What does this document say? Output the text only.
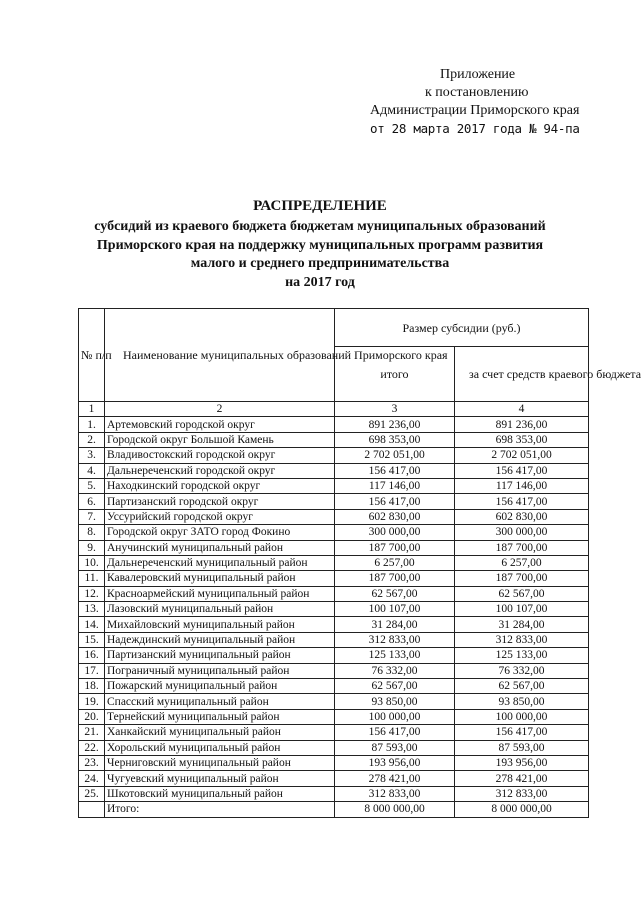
Приложение
к постановлению
Администрации Приморского края
от 28 марта 2017 года № 94-па
РАСПРЕДЕЛЕНИЕ
субсидий из краевого бюджета бюджетам муниципальных образований
Приморского края на поддержку муниципальных программ развития
малого и среднего предпринимательства
на 2017 год
№ п/п	Наименование муниципальных образований Приморского края	Размер субсидии (руб.)	
		итого	за счет средств краевого бюджета
1	2	3	4
1.	Артемовский городской округ	891 236,00	891 236,00
2.	Городской округ Большой Камень	698 353,00	698 353,00
3.	Владивостокский городской округ	2 702 051,00	2 702 051,00
4.	Дальнереченский городской округ	156 417,00	156 417,00
5.	Находкинский городской округ	117 146,00	117 146,00
6.	Партизанский городской округ	156 417,00	156 417,00
7.	Уссурийский городской округ	602 830,00	602 830,00
8.	Городской округ ЗАТО город Фокино	300 000,00	300 000,00
9.	Анучинский муниципальный район	187 700,00	187 700,00
10.	Дальнереченский муниципальный район	6 257,00	6 257,00
11.	Кавалеровский муниципальный район	187 700,00	187 700,00
12.	Красноармейский муниципальный район	62 567,00	62 567,00
13.	Лазовский муниципальный район	100 107,00	100 107,00
14.	Михайловский муниципальный район	31 284,00	31 284,00
15.	Надеждинский муниципальный район	312 833,00	312 833,00
16.	Партизанский муниципальный район	125 133,00	125 133,00
17.	Пограничный муниципальный район	76 332,00	76 332,00
18.	Пожарский муниципальный район	62 567,00	62 567,00
19.	Спасский муниципальный район	93 850,00	93 850,00
20.	Тернейский муниципальный район	100 000,00	100 000,00
21.	Ханкайский муниципальный район	156 417,00	156 417,00
22.	Хорольский муниципальный район	87 593,00	87 593,00
23.	Черниговский муниципальный район	193 956,00	193 956,00
24.	Чугуевский муниципальный район	278 421,00	278 421,00
25.	Шкотовский муниципальный район	312 833,00	312 833,00
	Итого:	8 000 000,00	8 000 000,00
